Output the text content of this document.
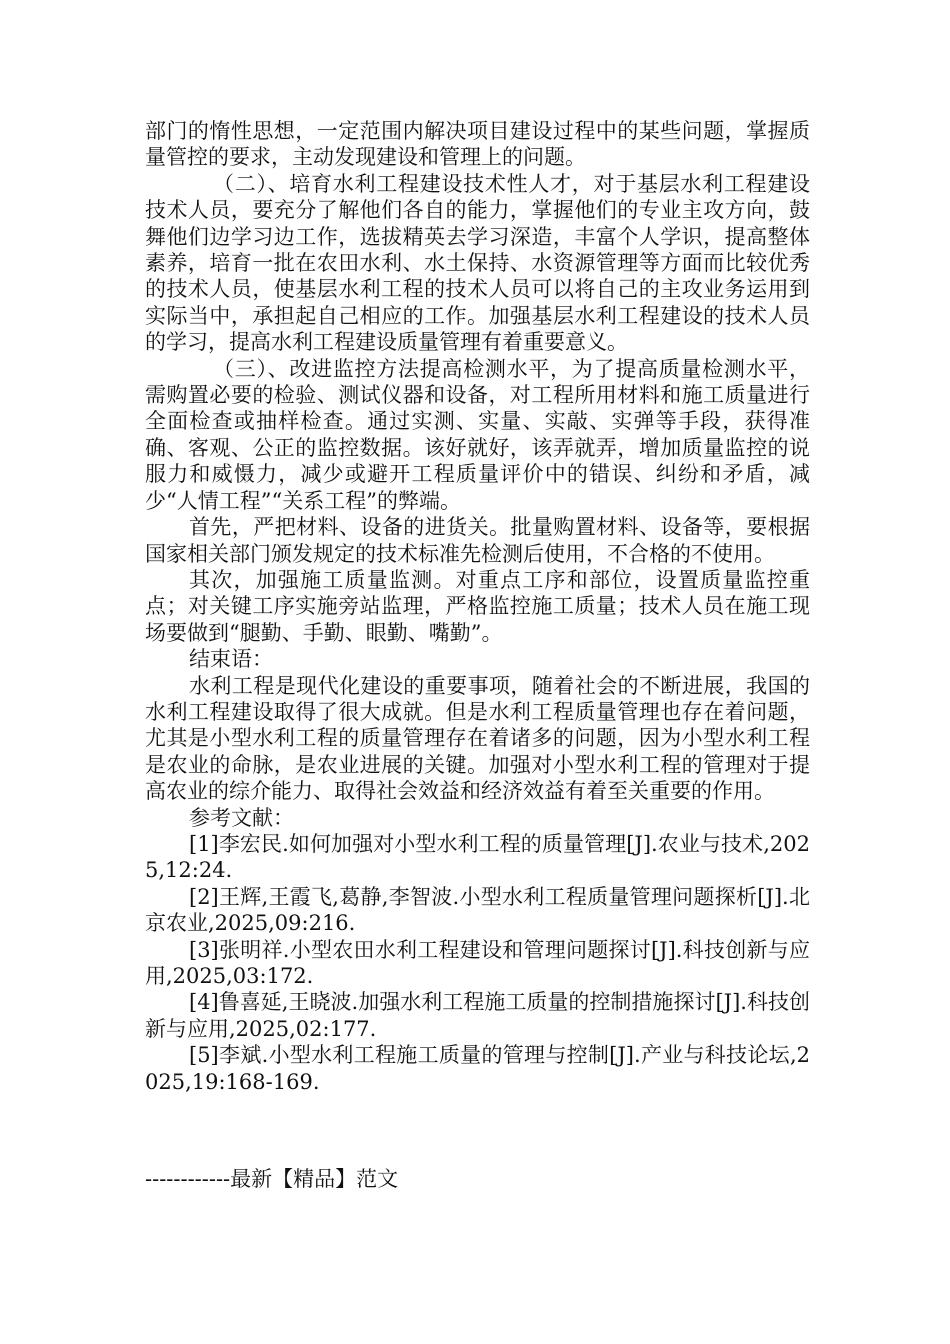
部门的惰性思想，一定范围内解决项目建设过程中的某些问题，掌握质量管控的要求，主动发现建设和管理上的问题。

（二）、培育水利工程建设技术性人才，对于基层水利工程建设技术人员，要充分了解他们各自的能力，掌握他们的专业主攻方向，鼓舞他们边学习边工作，选拔精英去学习深造，丰富个人学识，提高整体素养，培育一批在农田水利、水土保持、水资源管理等方面而比较优秀的技术人员，使基层水利工程的技术人员可以将自己的主攻业务运用到实际当中，承担起自己相应的工作。加强基层水利工程建设的技术人员的学习，提高水利工程建设质量管理有着重要意义。

（三）、改进监控方法提高检测水平，为了提高质量检测水平，需购置必要的检验、测试仪器和设备，对工程所用材料和施工质量进行全面检查或抽样检查。通过实测、实量、实敲、实弹等手段，获得准确、客观、公正的监控数据。该好就好，该弄就弄，增加质量监控的说服力和威慑力，减少或避开工程质量评价中的错误、纠纷和矛盾，减少“人情工程”“关系工程”的弊端。

首先，严把材料、设备的进货关。批量购置材料、设备等，要根据国家相关部门颁发规定的技术标准先检测后使用，不合格的不使用。

其次，加强施工质量监测。对重点工序和部位，设置质量监控重点；对关键工序实施旁站监理，严格监控施工质量；技术人员在施工现场要做到“腿勤、手勤、眼勤、嘴勤”。

结束语：

水利工程是现代化建设的重要事项，随着社会的不断进展，我国的水利工程建设取得了很大成就。但是水利工程质量管理也存在着问题，尤其是小型水利工程的质量管理存在着诸多的问题，因为小型水利工程是农业的命脉，是农业进展的关键。加强对小型水利工程的管理对于提高农业的综介能力、取得社会效益和经济效益有着至关重要的作用。

参考文献：

[1]李宏民.如何加强对小型水利工程的质量管理[J].农业与技术,2025,12:24.

[2]王辉,王霞飞,葛静,李智波.小型水利工程质量管理问题探析[J].北京农业,2025,09:216.

[3]张明祥.小型农田水利工程建设和管理问题探讨[J].科技创新与应用,2025,03:172.

[4]鲁喜延,王晓波.加强水利工程施工质量的控制措施探讨[J].科技创新与应用,2025,02:177.

[5]李斌.小型水利工程施工质量的管理与控制[J].产业与科技论坛,2025,19:168-169.

------------最新【精品】范文
